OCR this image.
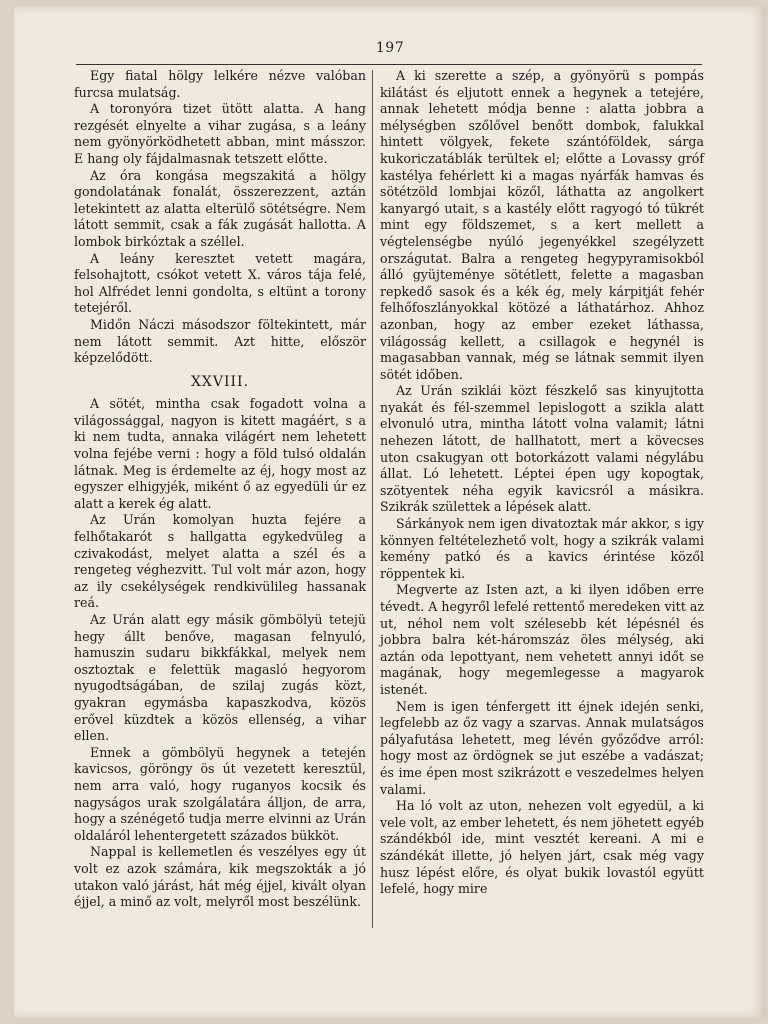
197

Egy fiatal hölgy lelkére nézve valóban furcsa mulatság.

A toronyóra tizet ütött alatta. A hang rezgését elnyelte a vihar zugása, s a leány nem gyönyörködhetett abban, mint másszor. E hang oly fájdalmasnak tetszett előtte.

Az óra kongása megszakitá a hölgy gondolatának fonalát, összerezzent, aztán letekintett az alatta elterülő sötétségre. Nem látott semmit, csak a fák zugását hallotta. A lombok birkóztak a széllel.

A leány keresztet vetett magára, felsohajtott, csókot vetett X. város tája felé, hol Alfrédet lenni gondolta, s eltünt a torony tetejéről.

Midőn Náczi másodszor föltekintett, már nem látott semmit. Azt hitte, először képzelődött.

XXVIII.

A sötét, mintha csak fogadott volna a világossággal, nagyon is kitett magáért, s a ki nem tudta, annaka világért nem lehetett volna fejébe verni : hogy a föld tulsó oldalán látnak. Meg is érdemelte az éj, hogy most az egyszer elhigyjék, miként ő az egyedüli úr ez alatt a kerek ég alatt.

Az Urán komolyan huzta fejére a felhőtakarót s hallgatta egykedvüleg a czivakodást, melyet alatta a szél és a rengeteg véghezvitt. Tul volt már azon, hogy az ily csekélységek rendkivülileg hassanak reá.

Az Urán alatt egy másik gömbölyü tetejü hegy állt benőve, magasan felnyuló, hamuszin sudaru bikkfákkal, melyek nem osztoztak e felettük magasló hegyorom nyugodtságában, de szilaj zugás közt, gyakran egymásba kapaszkodva, közös erővel küzdtek a közös ellenség, a vihar ellen.

Ennek a gömbölyü hegynek a tetején kavicsos, göröngy ös út vezetett keresztül, nem arra való, hogy ruganyos kocsik és nagyságos urak szolgálatára álljon, de arra, hogy a szénégető tudja merre elvinni az Urán oldaláról lehentergetett százados bükköt.

Nappal is kellemetlen és veszélyes egy út volt ez azok számára, kik megszokták a jó utakon való járást, hát még éjjel, kivált olyan éjjel, a minő az volt, melyről most beszélünk.

A ki szerette a szép, a gyönyörü s pompás kilátást és eljutott ennek a hegynek a tetejére, annak lehetett módja benne : alatta jobbra a mélységben szőlővel benőtt dombok, falukkal hintett völgyek, fekete szántóföldek, sárga kukoriczatáblák terültek el; előtte a Lovassy gróf kastélya fehérlett ki a magas nyárfák hamvas és sötétzöld lombjai közől, láthatta az angolkert kanyargó utait, s a kastély előtt ragyogó tó tükrét mint egy földszemet, s a kert mellett a végtelenségbe nyúló jegenyékkel szegélyzett országutat. Balra a rengeteg hegypyramisokból álló gyüjteménye sötétlett, felette a magasban repkedő sasok és a kék ég, mely kárpitját fehér felhőfoszlányokkal kötözé a láthatárhoz. Ahhoz azonban, hogy az ember ezeket láthassa, világosság kellett, a csillagok e hegynél is magasabban vannak, még se látnak semmit ilyen sötét időben.

Az Urán sziklái közt fészkelő sas kinyujtotta nyakát és fél-szemmel lepislogott a szikla alatt elvonuló utra, mintha látott volna valamit; látni nehezen látott, de hallhatott, mert a kövecses uton csakugyan ott botorkázott valami négylábu állat. Ló lehetett. Léptei épen ugy kopogtak, szötyentek néha egyik kavicsról a másikra. Szikrák születtek a lépések alatt.

Sárkányok nem igen divatoztak már akkor, s igy könnyen feltételezhető volt, hogy a szikrák valami kemény patkó és a kavics érintése közől röppentek ki.

Megverte az Isten azt, a ki ilyen időben erre tévedt. A hegyről lefelé rettentő meredeken vitt az ut, néhol nem volt szélesebb két lépésnél és jobbra balra két-háromszáz öles mélység, aki aztán oda lepottyant, nem vehetett annyi időt se magának, hogy megemlegesse a magyarok istenét.

Nem is igen ténfergett itt éjnek idején senki, legfelebb az őz vagy a szarvas. Annak mulatságos pályafutása lehetett, meg lévén győződve arról: hogy most az ördögnek se jut eszébe a vadászat; és ime épen most szikrázott e veszedelmes helyen valami.

Ha ló volt az uton, nehezen volt egyedül, a ki vele volt, az ember lehetett, és nem jöhetett egyéb szándékból ide, mint vesztét kereani. A mi e szándékát illette, jó helyen járt, csak még vagy husz lépést előre, és olyat bukik lovastól együtt lefelé, hogy mire
